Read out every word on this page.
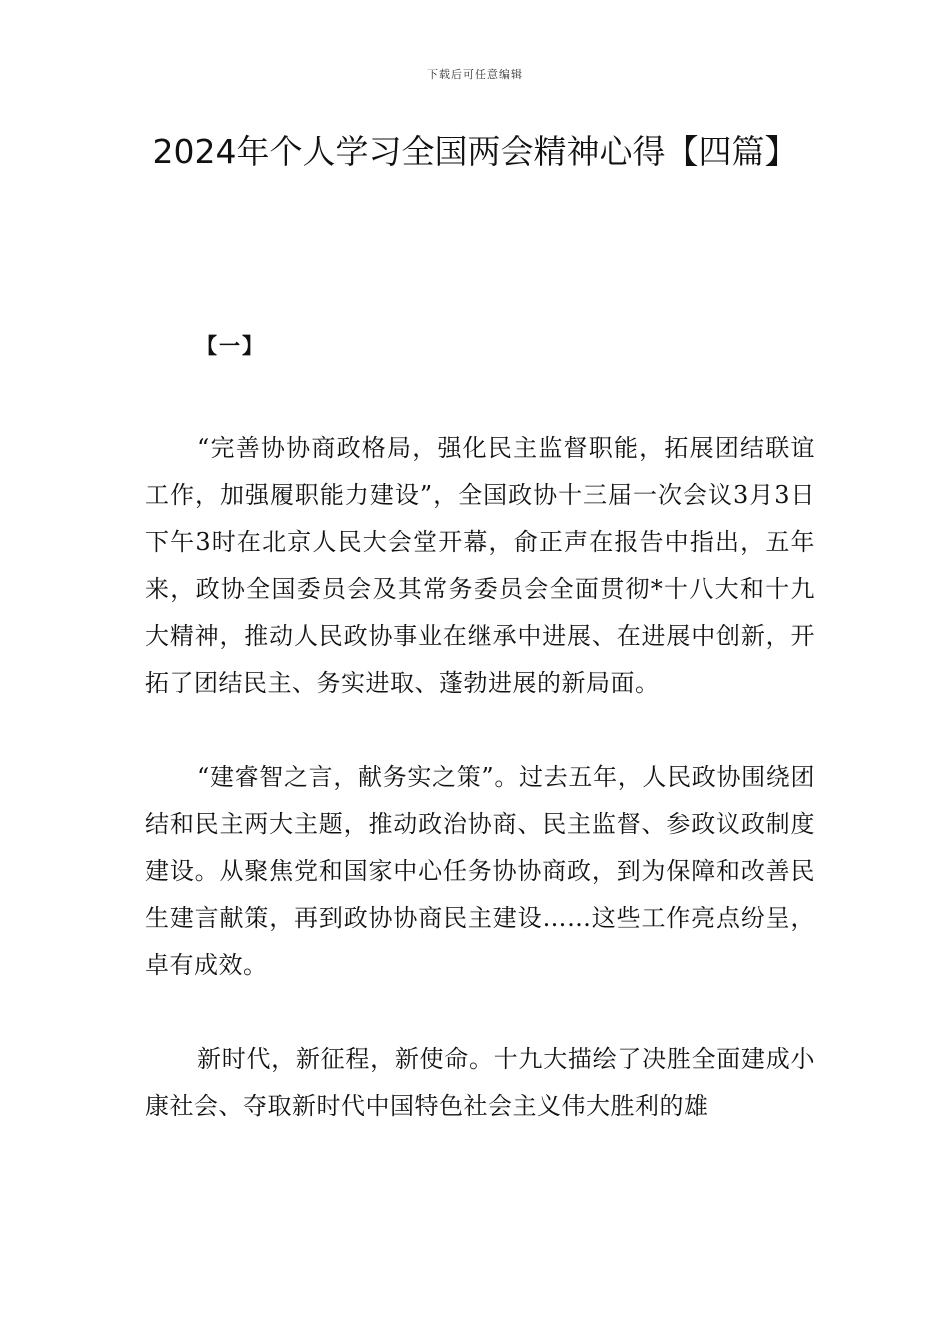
下载后可任意编辑
2024年个人学习全国两会精神心得【四篇】
【一】

“完善协协商政格局，强化民主监督职能，拓展团结联谊工作，加强履职能力建设”，全国政协十三届一次会议3月3日下午3时在北京人民大会堂开幕，俞正声在报告中指出，五年来，政协全国委员会及其常务委员会全面贯彻*十八大和十九大精神，推动人民政协事业在继承中进展、在进展中创新，开拓了团结民主、务实进取、蓬勃进展的新局面。

“建睿智之言，献务实之策”。过去五年，人民政协围绕团结和民主两大主题，推动政治协商、民主监督、参政议政制度建设。从聚焦党和国家中心任务协协商政，到为保障和改善民生建言献策，再到政协协商民主建设……这些工作亮点纷呈，卓有成效。

新时代，新征程，新使命。十九大描绘了决胜全面建成小康社会、夺取新时代中国特色社会主义伟大胜利的雄
